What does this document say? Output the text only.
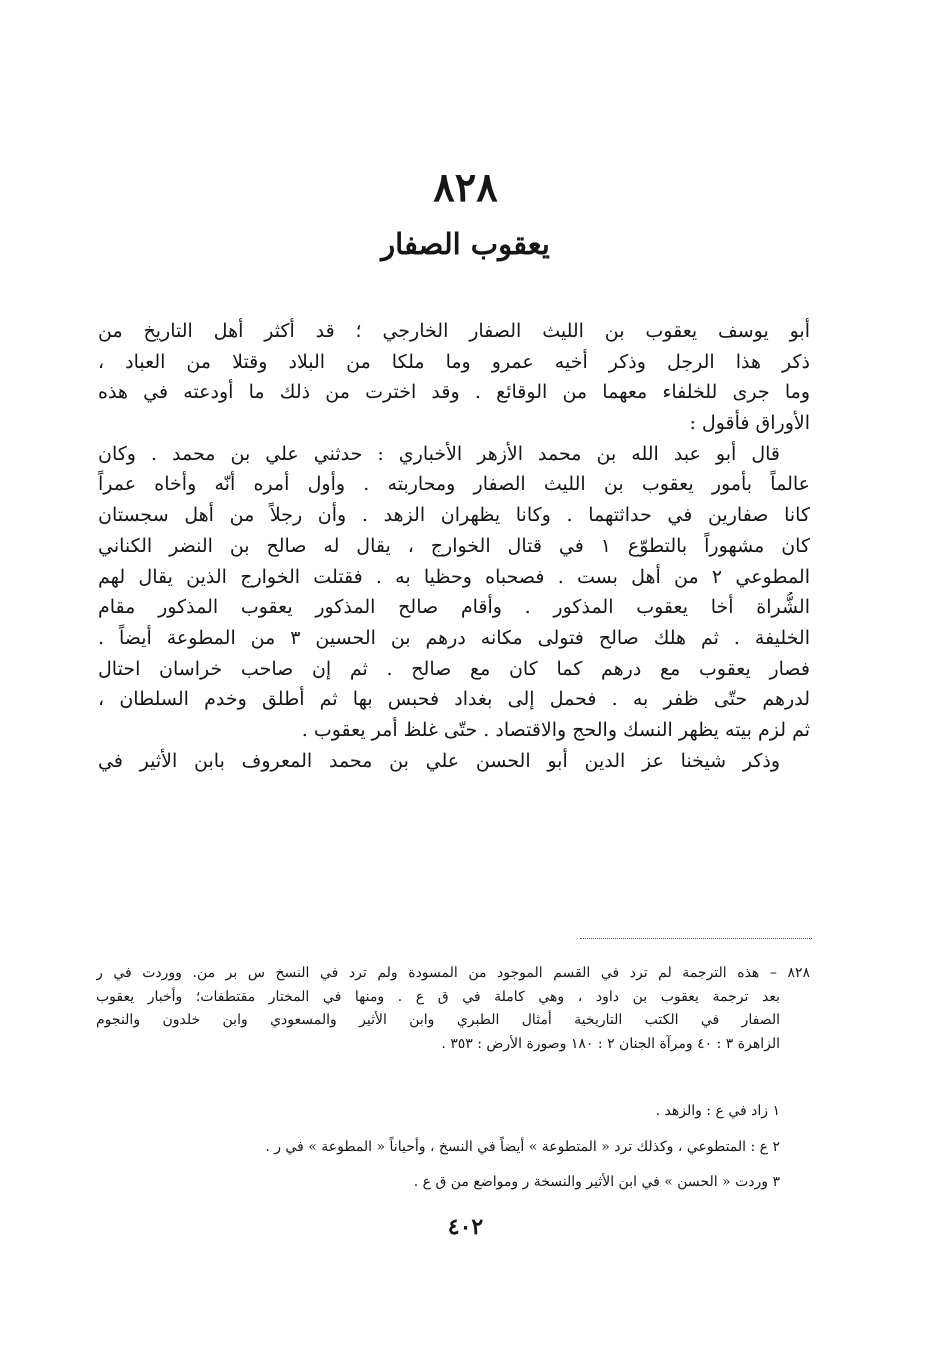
٨٢٨
يعقوب الصفار
أبو يوسف يعقوب بن الليث الصفار الخارجي ؛ قد أكثر أهل التاريخ من
ذكر هذا الرجل وذكر أخيه عمرو وما ملكا من البلاد وقتلا من العباد ،
وما جرى للخلفاء معهما من الوقائع . وقد اخترت من ذلك ما أودعته في هذه
الأوراق فأقول :
قال أبو عبد الله بن محمد الأزهر الأخباري : حدثني علي بن محمد . وكان
عالماً بأمور يعقوب بن الليث الصفار ومحاربته . وأول أمره أنّه وأخاه عمراً
كانا صفارين في حداثتهما . وكانا يظهران الزهد . وأن رجلاً من أهل سجستان
كان مشهوراً بالتطوّع ١ في قتال الخوارج ، يقال له صالح بن النضر الكناني
المطوعي ٢ من أهل بست . فصحباه وحظيا به . فقتلت الخوارج الذين يقال لهم
الشُّراة أخا يعقوب المذكور . وأقام صالح المذكور يعقوب المذكور مقام
الخليفة . ثم هلك صالح فتولى مكانه درهم بن الحسين ٣ من المطوعة أيضاً .
فصار يعقوب مع درهم كما كان مع صالح . ثم إن صاحب خراسان احتال
لدرهم حتّى ظفر به . فحمل إلى بغداد فحبس بها ثم أطلق وخدم السلطان ،
ثم لزم بيته يظهر النسك والحج والاقتصاد . حتّى غلظ أمر يعقوب .
وذكر شيخنا عز الدين أبو الحسن علي بن محمد المعروف بابن الأثير في
٨٢٨ – هذه الترجمة لم ترد في القسم الموجود من المسودة ولم ترد في النسخ س بر من. ووردت في ر
بعد ترجمة يعقوب بن داود ، وهي كاملة في ق ع . ومنها في المختار مقتطفات؛ وأخبار يعقوب
الصفار في الكتب التاريخية أمثال الطبري وابن الأثير والمسعودي وابن خلدون والنجوم
الزاهرة ٣ : ٤٠ ومرآة الجنان ٢ : ١٨٠ وصورة الأرض : ٣٥٣ .
١ زاد في ع : والزهد .
٢ ع : المتطوعي ، وكذلك ترد « المتطوعة » أيضاً في النسخ ، وأحياناً « المطوعة » في ر .
٣ وردت « الحسن » في ابن الأثير والنسخة ر ومواضع من ق ع .
٤٠٢
